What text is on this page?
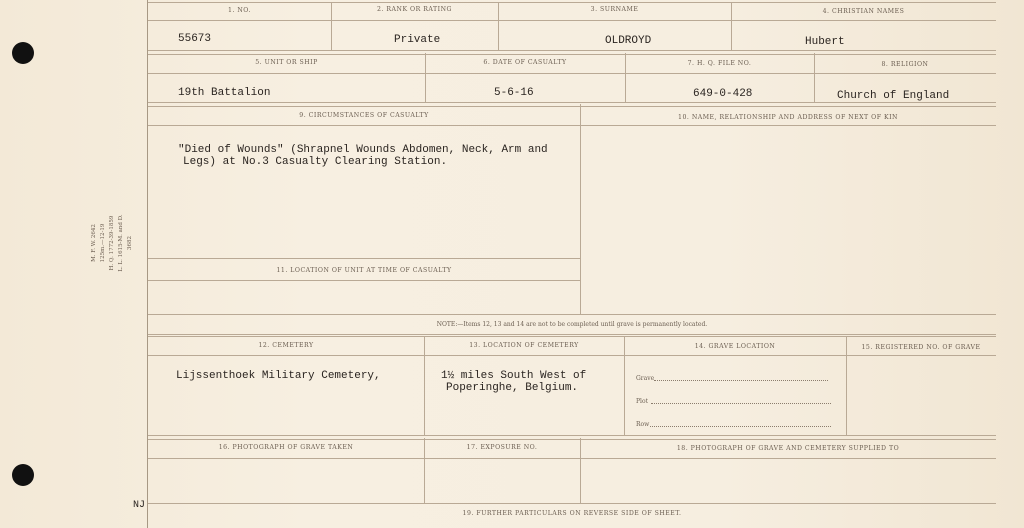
M. F. W. 2642 125m.—12-19 H. Q. 1772-39-1859 L. L. 1615-M. and D. 3682
NJ
1. NO.	2. RANK OR RATING	3. SURNAME	4. CHRISTIAN NAMES
55673	Private	OLDROYD	Hubert
5. UNIT OR SHIP	6. DATE OF CASUALTY	7. H. Q. FILE NO.	8. RELIGION
19th Battalion	5-6-16	649-0-428	Church of England
9. CIRCUMSTANCES OF CASUALTY	10. NAME, RELATIONSHIP AND ADDRESS OF NEXT OF KIN
"Died of Wounds" (Shrapnel Wounds Abdomen, Neck, Arm and
Legs) at No.3 Casualty Clearing Station.
11. LOCATION OF UNIT AT TIME OF CASUALTY
NOTE:—Items 12, 13 and 14 are not to be completed until grave is permanently located.
12. CEMETERY	13. LOCATION OF CEMETERY	14. GRAVE LOCATION	15. REGISTERED NO. OF GRAVE
Lijssenthoek Military Cemetery,	1½ miles South West of
Poperinghe, Belgium.
Grave
Plot
Row
16. PHOTOGRAPH OF GRAVE TAKEN	17. EXPOSURE NO.	18. PHOTOGRAPH OF GRAVE AND CEMETERY SUPPLIED TO
19. FURTHER PARTICULARS ON REVERSE SIDE OF SHEET.
